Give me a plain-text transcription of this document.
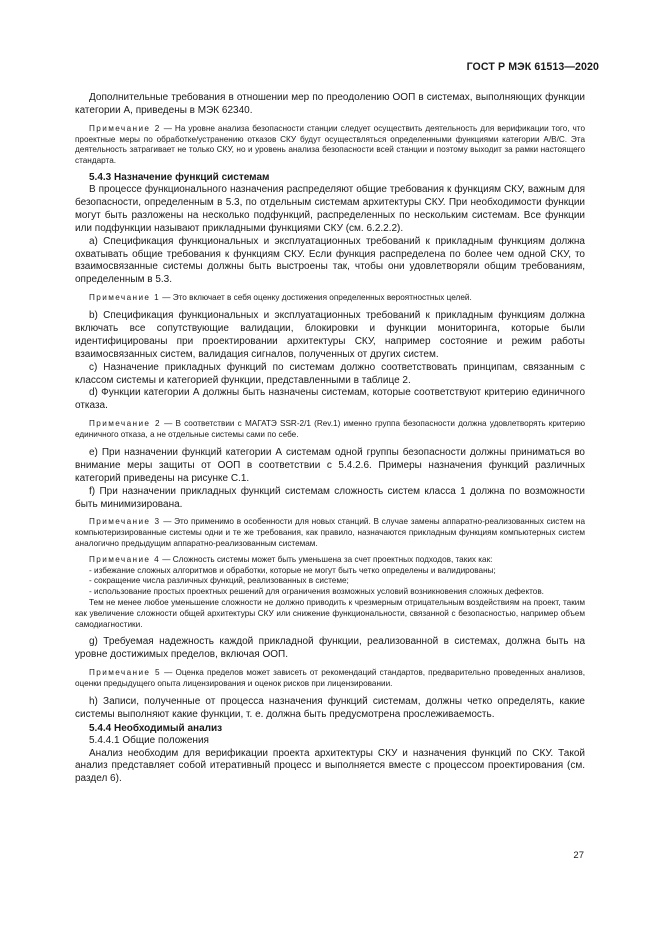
ГОСТ Р МЭК 61513—2020

Дополнительные требования в отношении мер по преодолению ООП в системах, выполняющих функции категории А, приведены в МЭК 62340.

Примечание 2 — На уровне анализа безопасности станции следует осуществить деятельность для верификации того, что проектные меры по обработке/устранению отказов СКУ будут осуществляться определенными функциями категории А/В/С. Эта деятельность затрагивает не только СКУ, но и уровень анализа безопасности всей станции и поэтому выходит за рамки настоящего стандарта.

5.4.3 Назначение функций системам

В процессе функционального назначения распределяют общие требования к функциям СКУ, важным для безопасности, определенным в 5.3, по отдельным системам архитектуры СКУ. При необходимости функции могут быть разложены на несколько подфункций, распределенных по нескольким системам. Все функции или подфункции называют прикладными функциями СКУ (см. 6.2.2.2).

a) Спецификация функциональных и эксплуатационных требований к прикладным функциям должна охватывать общие требования к функциям СКУ. Если функция распределена по более чем одной СКУ, то взаимосвязанные системы должны быть выстроены так, чтобы они удовлетворяли общим требованиям, определенным в 5.3.

Примечание 1 — Это включает в себя оценку достижения определенных вероятностных целей.

b) Спецификация функциональных и эксплуатационных требований к прикладным функциям должна включать все сопутствующие валидации, блокировки и функции мониторинга, которые были идентифицированы при проектировании архитектуры СКУ, например состояние и режим работы взаимосвязанных систем, валидация сигналов, полученных от других систем.

c) Назначение прикладных функций по системам должно соответствовать принципам, связанным с классом системы и категорией функции, представленными в таблице 2.

d) Функции категории А должны быть назначены системам, которые соответствуют критерию единичного отказа.

Примечание 2 — В соответствии с МАГАТЭ SSR-2/1 (Rev.1) именно группа безопасности должна удовлетворять критерию единичного отказа, а не отдельные системы сами по себе.

e) При назначении функций категории А системам одной группы безопасности должны приниматься во внимание меры защиты от ООП в соответствии с 5.4.2.6. Примеры назначения функций различных категорий приведены на рисунке С.1.

f) При назначении прикладных функций системам сложность систем класса 1 должна по возможности быть минимизирована.

Примечание 3 — Это применимо в особенности для новых станций. В случае замены аппаратно-реализованных систем на компьютеризированные системы одни и те же требования, как правило, назначаются прикладным функциям компьютерных систем аналогично предыдущим аппаратно-реализованным системам.

Примечание 4 — Сложность системы может быть уменьшена за счет проектных подходов, таких как:

- избежание сложных алгоритмов и обработки, которые не могут быть четко определены и валидированы;

- сокращение числа различных функций, реализованных в системе;

- использование простых проектных решений для ограничения возможных условий возникновения сложных дефектов.

Тем не менее любое уменьшение сложности не должно приводить к чрезмерным отрицательным воздействиям на проект, таким как увеличение сложности общей архитектуры СКУ или снижение функциональности, связанной с безопасностью, например объем самодиагностики.

g) Требуемая надежность каждой прикладной функции, реализованной в системах, должна быть на уровне достижимых пределов, включая ООП.

Примечание 5 — Оценка пределов может зависеть от рекомендаций стандартов, предварительно проведенных анализов, оценки предыдущего опыта лицензирования и оценок рисков при лицензировании.

h) Записи, полученные от процесса назначения функций системам, должны четко определять, какие системы выполняют какие функции, т. е. должна быть предусмотрена прослеживаемость.

5.4.4 Необходимый анализ

5.4.4.1 Общие положения

Анализ необходим для верификации проекта архитектуры СКУ и назначения функций по СКУ. Такой анализ представляет собой итеративный процесс и выполняется вместе с процессом проектирования (см. раздел 6).

27
